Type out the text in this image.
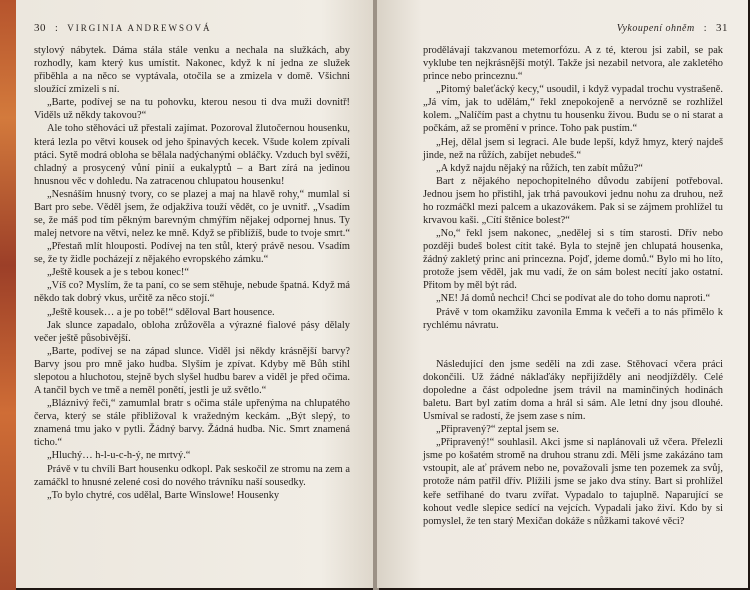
30 : VIRGINIA ANDREWSOVÁ

stylový nábytek. Dáma stála stále venku a nechala na služkách, aby rozhodly, kam který kus umístit. Nakonec, když k ní jedna ze služek přiběhla a na něco se vyptávala, otočila se a zmizela v domě. Všichni sloužící zmizeli s ní.

„Barte, podívej se na tu pohovku, kterou nesou ti dva muži dovnitř! Viděls už někdy takovou?“

Ale toho stěhováci už přestali zajímat. Pozoroval žlutočernou housenku, která lezla po větvi kousek od jeho špinavých kecek. Všude kolem zpívali ptáci. Sytě modrá obloha se bělala nadýchanými obláčky. Vzduch byl svěží, chladný a prosycený vůní pinií a eukalyptů – a Bart zírá na jedinou hnusnou věc v dohledu. Na zatracenou chlupatou housenku!

„Nesnáším hnusný tvory, co se plazej a maj na hlavě rohy,“ mumlal si Bart pro sebe. Věděl jsem, že odjakživa touží vědět, co je uvnitř. „Vsadím se, že máš pod tím pěkným barevným chmýřím nějakej odpornej hnus. Ty malej netvore na větvi, nelez ke mně. Když se přiblížíš, bude to tvoje smrt.“

„Přestaň mlít hlouposti. Podívej na ten stůl, který právě nesou. Vsadím se, že ty židle pocházejí z nějakého evropského zámku.“

„Ještě kousek a je s tebou konec!“

„Víš co? Myslím, že ta paní, co se sem stěhuje, nebude špatná. Když má někdo tak dobrý vkus, určitě za něco stojí.“

„Ještě kousek… a je po tobě!“ sděloval Bart housence.

Jak slunce zapadalo, obloha zrůžověla a výrazné fialové pásy dělaly večer ještě působivější.

„Barte, podívej se na západ slunce. Viděl jsi někdy krásnější barvy? Barvy jsou pro mně jako hudba. Slyším je zpívat. Kdyby mě Bůh stihl slepotou a hluchotou, stejně bych slyšel hudbu barev a viděl je před očima. A tančil bych ve tmě a neměl ponětí, jestli je už světlo.“

„Bláznivý řeči,“ zamumlal bratr s očima stále upřenýma na chlupatého červa, který se stále přibližoval k vražedným keckám. „Být slepý, to znamená tmu jako v pytli. Žádný barvy. Žádná hudba. Nic. Smrt znamená ticho.“

„Hluchý… h-l-u-c-h-ý, ne mrtvý.“

Právě v tu chvíli Bart housenku odkopl. Pak seskočil ze stromu na zem a zamáčkl to hnusné zelené cosi do nového trávníku naší sousedky.

„To bylo chytré, cos udělal, Barte Winslowe! Housenky

Vykoupení ohněm : 31

prodělávají takzvanou metemorfózu. A z té, kterou jsi zabil, se pak vyklube ten nejkrásnější motýl. Takže jsi nezabil netvora, ale zakletého prince nebo princeznu.“

„Pitomý baleťácký kecy,“ usoudil, i když vypadal trochu vystrašeně. „Já vím, jak to udělám,“ řekl znepokojeně a nervózně se rozhlížel kolem. „Nalíčím past a chytnu tu housenku živou. Budu se o ni starat a počkám, až se promění v prince. Toho pak pustím.“

„Hej, dělal jsem si legraci. Ale bude lepší, když hmyz, který najdeš jinde, než na růžích, zabíjet nebudeš.“

„A když najdu nějaký na růžích, ten zabít můžu?“

Bart z nějakého nepochopitelného důvodu zabíjení potřeboval. Jednou jsem ho přistihl, jak trhá pavoukovi jednu nohu za druhou, než ho rozmáčkl mezi palcem a ukazovákem. Pak si se zájmem prohlížel tu krvavou kaši. „Cítí štěnice bolest?“

„No,“ řekl jsem nakonec, „nedělej si s tím starosti. Dřív nebo později budeš bolest cítit také. Byla to stejně jen chlupatá housenka, žádný zakletý princ ani princezna. Pojď, jdeme domů.“ Bylo mi ho líto, protože jsem věděl, jak mu vadí, že on sám bolest necítí jako ostatní. Přitom by měl být rád.

„NE! Já domů nechci! Chci se podívat ale do toho domu naproti.“

Právě v tom okamžiku zavonila Emma k večeři a to nás přimělo k rychlému návratu.

Následující den jsme seděli na zdi zase. Stěhovací včera práci dokončili. Už žádné náklaďáky nepřijížděly ani neodjížděly. Celé dopoledne a část odpoledne jsem trávil na maminčiných hodinách baletu. Bart byl zatím doma a hrál si sám. Ale letní dny jsou dlouhé. Usmíval se radostí, že jsem zase s ním.

„Připravený?“ zeptal jsem se.

„Připravený!“ souhlasil. Akci jsme si naplánovali už včera. Přelezli jsme po košatém stromě na druhou stranu zdi. Měli jsme zakázáno tam vstoupit, ale ať právem nebo ne, považovali jsme ten pozemek za svůj, protože nám patřil dřív. Plížili jsme se jako dva stíny. Bart si prohlížel keře setřihané do tvaru zvířat. Vypadalo to tajuplně. Naparující se kohout vedle slepice sedící na vejcích. Vypadali jako živí. Kdo by si pomyslel, že ten starý Mexičan dokáže s nůžkami takové věci?
